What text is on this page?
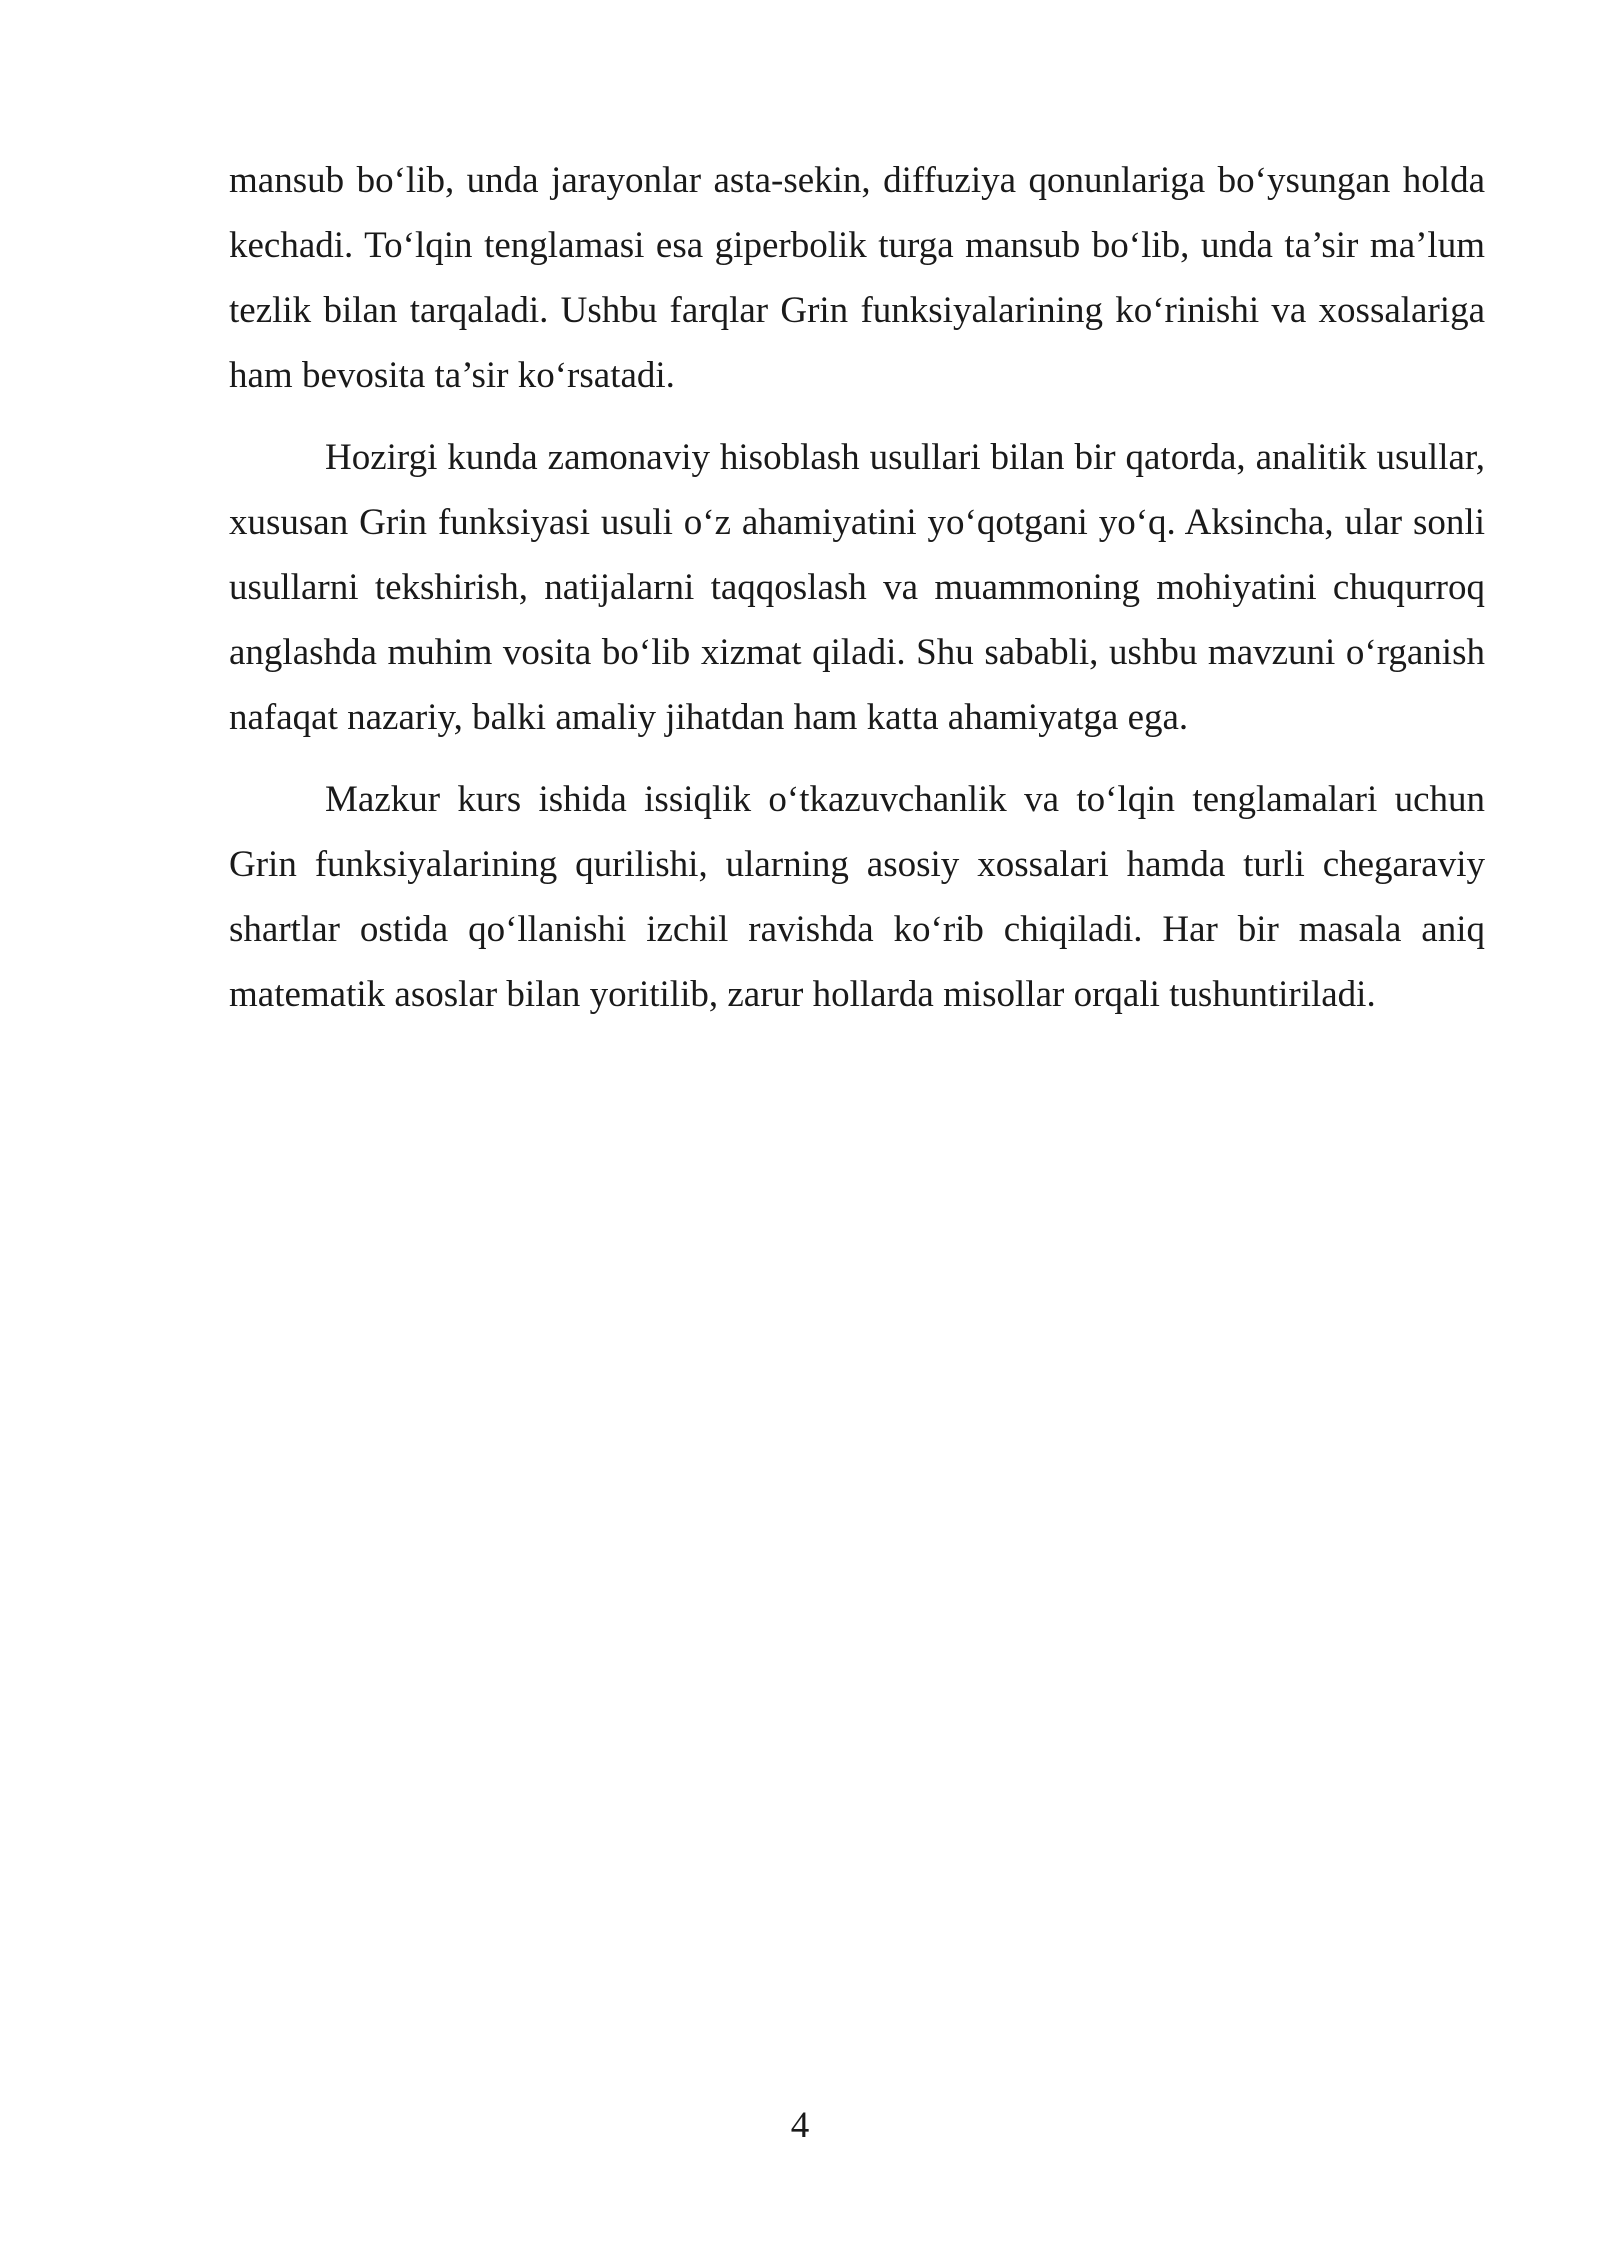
mansub bo‘lib, unda jarayonlar asta-sekin, diffuziya qonunlariga bo‘ysungan holda kechadi. To‘lqin tenglamasi esa giperbolik turga mansub bo‘lib, unda ta’sir ma’lum tezlik bilan tarqaladi. Ushbu farqlar Grin funksiyalarining ko‘rinishi va xossalariga ham bevosita ta’sir ko‘rsatadi.

Hozirgi kunda zamonaviy hisoblash usullari bilan bir qatorda, analitik usullar, xususan Grin funksiyasi usuli o‘z ahamiyatini yo‘qotgani yo‘q. Aksincha, ular sonli usullarni tekshirish, natijalarni taqqoslash va muammoning mohiyatini chuqurroq anglashda muhim vosita bo‘lib xizmat qiladi. Shu sababli, ushbu mavzuni o‘rganish nafaqat nazariy, balki amaliy jihatdan ham katta ahamiyatga ega.

Mazkur kurs ishida issiqlik o‘tkazuvchanlik va to‘lqin tenglamalari uchun Grin funksiyalarining qurilishi, ularning asosiy xossalari hamda turli chegaraviy shartlar ostida qo‘llanishi izchil ravishda ko‘rib chiqiladi. Har bir masala aniq matematik asoslar bilan yoritilib, zarur hollarda misollar orqali tushuntiriladi.

4
